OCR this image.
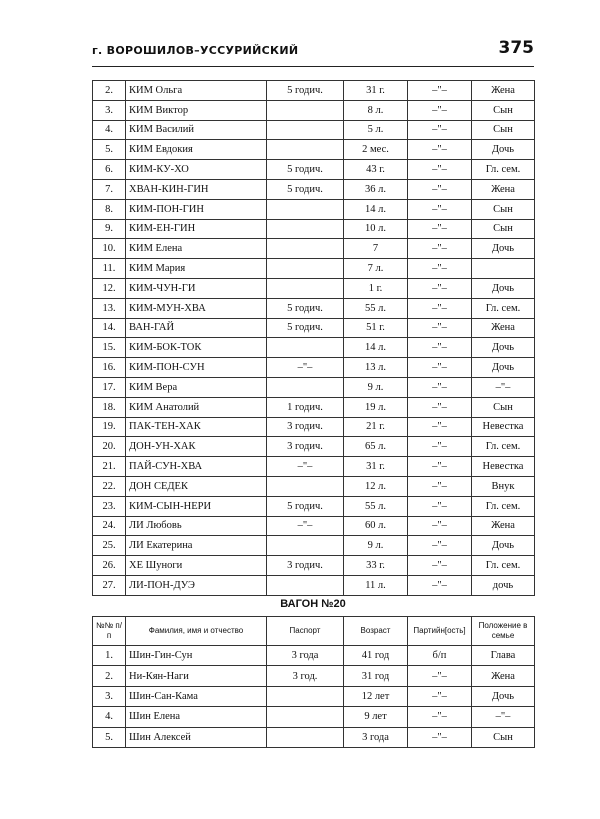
г. ВОРОШИЛОВ–УССУРИЙСКИЙ	375
2.	КИМ Ольга	5 годич.	31 г.	–"–	Жена
3.	КИМ Виктор		8 л.	–"–	Сын
4.	КИМ Василий		5 л.	–"–	Сын
5.	КИМ Евдокия		2 мес.	–"–	Дочь
6.	КИМ-КУ-ХО	5 годич.	43 г.	–"–	Гл. сем.
7.	ХВАН-КИН-ГИН	5 годич.	36 л.	–"–	Жена
8.	КИМ-ПОН-ГИН		14 л.	–"–	Сын
9.	КИМ-ЕН-ГИН		10 л.	–"–	Сын
10.	КИМ Елена		7	–"–	Дочь
11.	КИМ Мария		7 л.	–"–	
12.	КИМ-ЧУН-ГИ		1 г.	–"–	Дочь
13.	КИМ-МУН-ХВА	5 годич.	55 л.	–"–	Гл. сем.
14.	ВАН-ГАЙ	5 годич.	51 г.	–"–	Жена
15.	КИМ-БОК-ТОК		14 л.	–"–	Дочь
16.	КИМ-ПОН-СУН	–"–	13 л.	–"–	Дочь
17.	КИМ Вера		9 л.	–"–	–"–
18.	КИМ Анатолий	1 годич.	19 л.	–"–	Сын
19.	ПАК-ТЕН-ХАК	3 годич.	21 г.	–"–	Невестка
20.	ДОН-УН-ХАК	3 годич.	65 л.	–"–	Гл. сем.
21.	ПАЙ-СУН-ХВА	–"–	31 г.	–"–	Невестка
22.	ДОН СЕДЕК		12 л.	–"–	Внук
23.	КИМ-СЫН-НЕРИ	5 годич.	55 л.	–"–	Гл. сем.
24.	ЛИ Любовь	–"–	60 л.	–"–	Жена
25.	ЛИ Екатерина		9 л.	–"–	Дочь
26.	ХЕ Шуноги	3 годич.	33 г.	–"–	Гл. сем.
27.	ЛИ-ПОН-ДУЭ		11 л.	–"–	дочь
ВАГОН №20
№№ п/п	Фамилия, имя и отчество	Паспорт	Возраст	Партийн[ость]	Положение в семье
1.	Шин-Гин-Сун	3 года	41 год	б/п	Глава
2.	Ни-Кян-Наги	3 год.	31 год	–"–	Жена
3.	Шин-Сан-Кама		12 лет	–"–	Дочь
4.	Шин Елена		9 лет	–"–	–"–
5.	Шин Алексей		3 года	–"–	Сын
